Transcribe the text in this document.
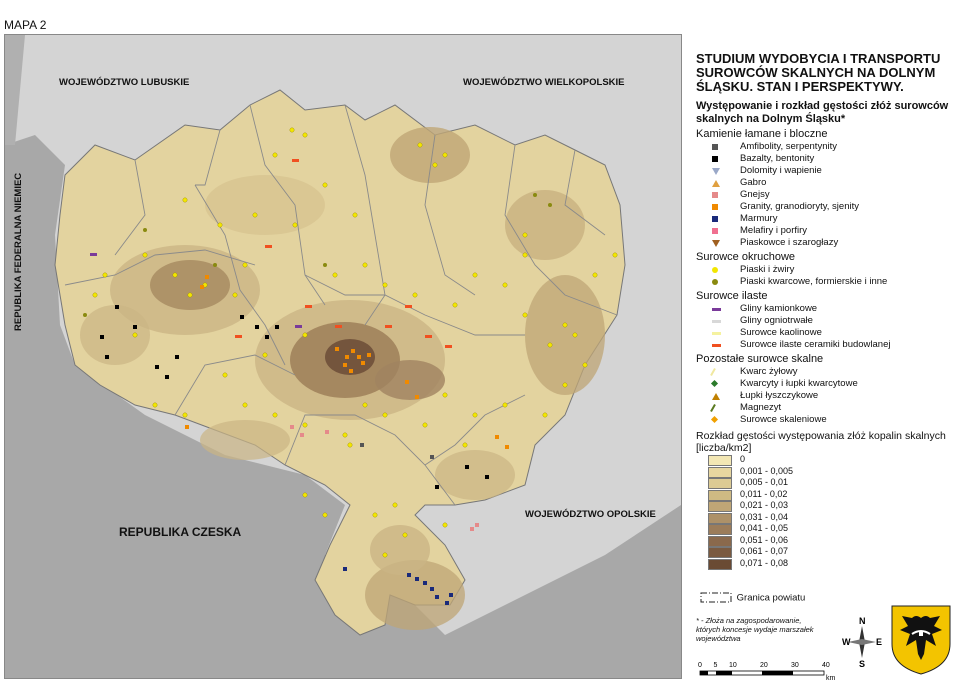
MAPA 2
WOJEWÓDZTWO LUBUSKIE	WOJEWÓDZTWO WIELKOPOLSKIE
REPUBLIKA FEDERALNA NIEMIEC
REPUBLIKA CZESKA
WOJEWÓDZTWO OPOLSKIE
STUDIUM WYDOBYCIA I TRANSPORTU SUROWCÓW SKALNYCH NA DOLNYM ŚLĄSKU. STAN I PERSPEKTYWY.
Występowanie i rozkład gęstości złóż surowców skalnych na Dolnym Śląsku*
Kamienie łamane i bloczne
Amfibolity, serpentynity
Bazalty, bentonity
Dolomity i wapienie
Gabro
Gnejsy
Granity, granodioryty, sjenity
Marmury
Melafiry i porfiry
Piaskowce i szarogłazy
Surowce okruchowe
Piaski i żwiry
Piaski kwarcowe, formierskie i inne
Surowce ilaste
Gliny kamionkowe
Gliny ogniotrwałe
Surowce kaolinowe
Surowce ilaste ceramiki budowlanej
Pozostałe surowce skalne
Kwarc żyłowy
Kwarcyty i łupki kwarcytowe
Łupki łyszczykowe
Magnezyt
Surowce skaleniowe
Rozkład gęstości występowania złóż kopalin skalnych [liczba/km2]
0
0,001 - 0,005
0,005 - 0,01
0,011 - 0,02
0,021 - 0,03
0,031 - 0,04
0,041 - 0,05
0,051 - 0,06
0,061 - 0,07
0,071 - 0,08
Granica powiatu
* - Złoża na zagospodarowanie, których koncesje wydaje marszałek województwa
N
S
W	E
0 5 10	20	30	40
km
